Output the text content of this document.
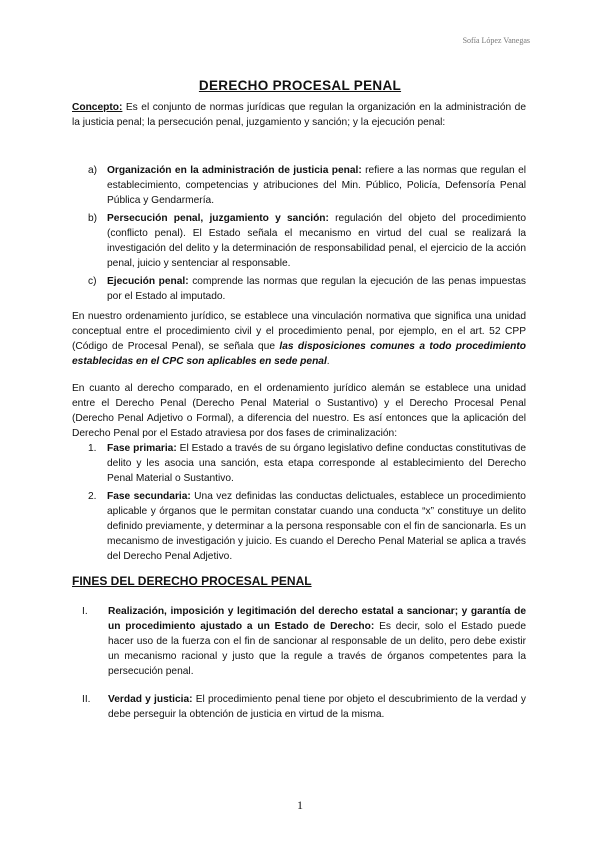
Sofía López Vanegas
DERECHO PROCESAL PENAL

Concepto: Es el conjunto de normas jurídicas que regulan la organización en la administración de la justicia penal; la persecución penal, juzgamiento y sanción; y la ejecución penal:

a) Organización en la administración de justicia penal: refiere a las normas que regulan el establecimiento, competencias y atribuciones del Min. Público, Policía, Defensoría Penal Pública y Gendarmería.
b) Persecución penal, juzgamiento y sanción: regulación del objeto del procedimiento (conflicto penal). El Estado señala el mecanismo en virtud del cual se realizará la investigación del delito y la determinación de responsabilidad penal, el ejercicio de la acción penal, juicio y sentenciar al responsable.
c) Ejecución penal: comprende las normas que regulan la ejecución de las penas impuestas por el Estado al imputado.

En nuestro ordenamiento jurídico, se establece una vinculación normativa que significa una unidad conceptual entre el procedimiento civil y el procedimiento penal, por ejemplo, en el art. 52 CPP (Código de Procesal Penal), se señala que las disposiciones comunes a todo procedimiento establecidas en el CPC son aplicables en sede penal.

En cuanto al derecho comparado, en el ordenamiento jurídico alemán se establece una unidad entre el Derecho Penal (Derecho Penal Material o Sustantivo) y el Derecho Procesal Penal (Derecho Penal Adjetivo o Formal), a diferencia del nuestro. Es así entonces que la aplicación del Derecho Penal por el Estado atraviesa por dos fases de criminalización:

1. Fase primaria: El Estado a través de su órgano legislativo define conductas constitutivas de delito y les asocia una sanción, esta etapa corresponde al establecimiento del Derecho Penal Material o Sustantivo.
2. Fase secundaria: Una vez definidas las conductas delictuales, establece un procedimiento aplicable y órganos que le permitan constatar cuando una conducta “x” constituye un delito definido previamente, y determinar a la persona responsable con el fin de sancionarla. Es un mecanismo de investigación y juicio. Es cuando el Derecho Penal Material se aplica a través del Derecho Penal Adjetivo.
FINES DEL DERECHO PROCESAL PENAL
I. Realización, imposición y legitimación del derecho estatal a sancionar; y garantía de un procedimiento ajustado a un Estado de Derecho: Es decir, solo el Estado puede hacer uso de la fuerza con el fin de sancionar al responsable de un delito, pero debe existir un mecanismo racional y justo que la regule a través de órganos competentes para la persecución penal.
II. Verdad y justicia: El procedimiento penal tiene por objeto el descubrimiento de la verdad y debe perseguir la obtención de justicia en virtud de la misma.
1
